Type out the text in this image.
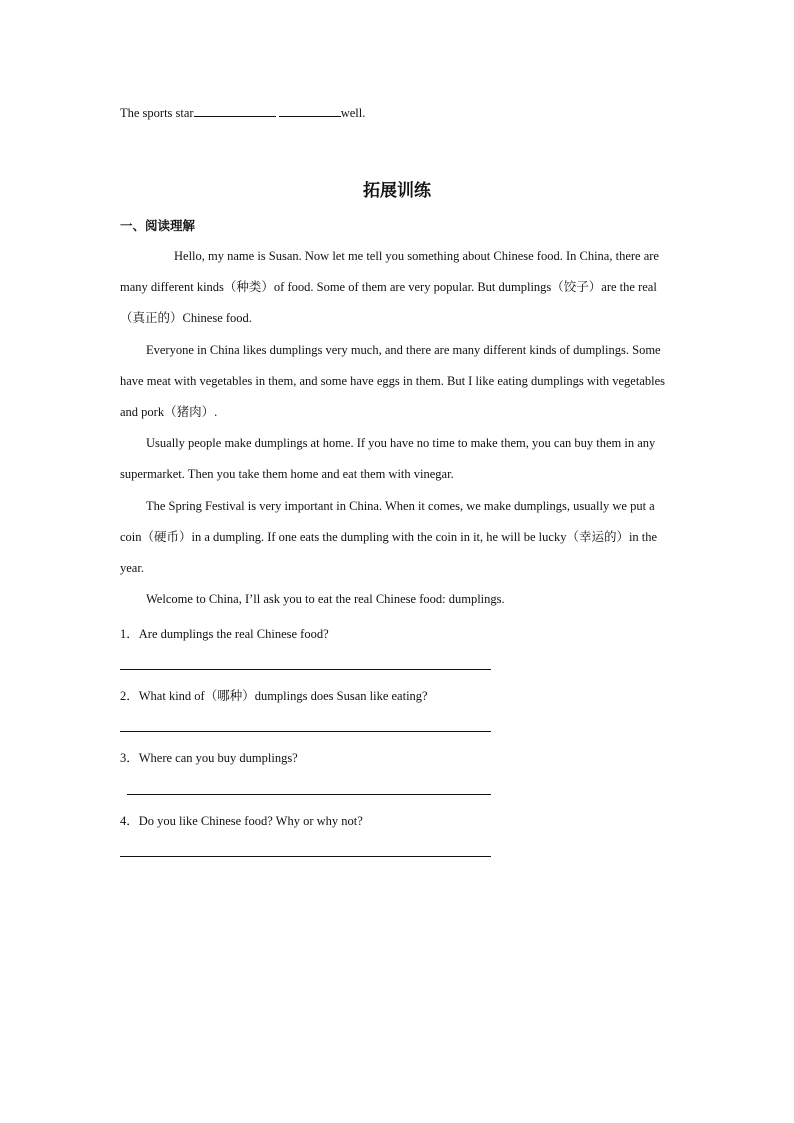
The sports star	well.
拓展训练
一、阅读理解
Hello, my name is Susan. Now let me tell you something about Chinese food. In China, there are many different kinds（种类）of food. Some of them are very popular. But dumplings（饺子）are the real（真正的）Chinese food.
Everyone in China likes dumplings very much, and there are many different kinds of dumplings. Some have meat with vegetables in them, and some have eggs in them. But I like eating dumplings with vegetables and pork（猪肉）.
Usually people make dumplings at home. If you have no time to make them, you can buy them in any supermarket. Then you take them home and eat them with vinegar.
The Spring Festival is very important in China. When it comes, we make dumplings, usually we put a coin（硬币）in a dumpling. If one eats the dumpling with the coin in it, he will be lucky（幸运的）in the year.
Welcome to China, I’ll ask you to eat the real Chinese food: dumplings.
1．Are dumplings the real Chinese food?
2．What kind of（哪种）dumplings does Susan like eating?
3．Where can you buy dumplings?
4．Do you like Chinese food? Why or why not?
